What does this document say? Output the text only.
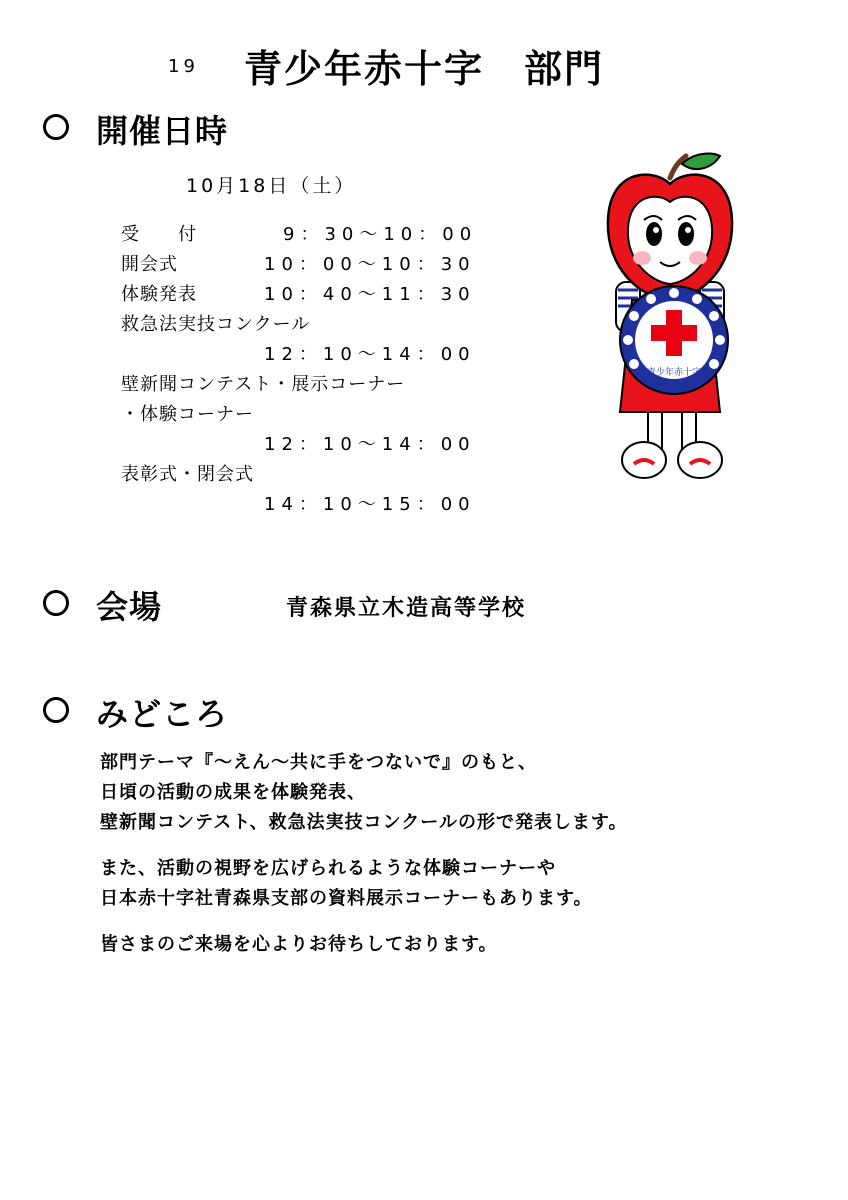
19 青少年赤十字　部門
開催日時
10月18日（土）
受　　付	9：30～10：00
開会式	10：00～10：30
体験発表	10：40～11：30
救急法実技コンクール
12：10～14：00
壁新聞コンテスト・展示コーナー
・体験コーナー
12：10～14：00
表彰式・閉会式
14：10～15：00
青少年赤十字
会場	青森県立木造高等学校
みどころ
部門テーマ『～えん～共に手をつないで』のもと、
日頃の活動の成果を体験発表、
壁新聞コンテスト、救急法実技コンクールの形で発表します。
また、活動の視野を広げられるような体験コーナーや
日本赤十字社青森県支部の資料展示コーナーもあります。
皆さまのご来場を心よりお待ちしております。
